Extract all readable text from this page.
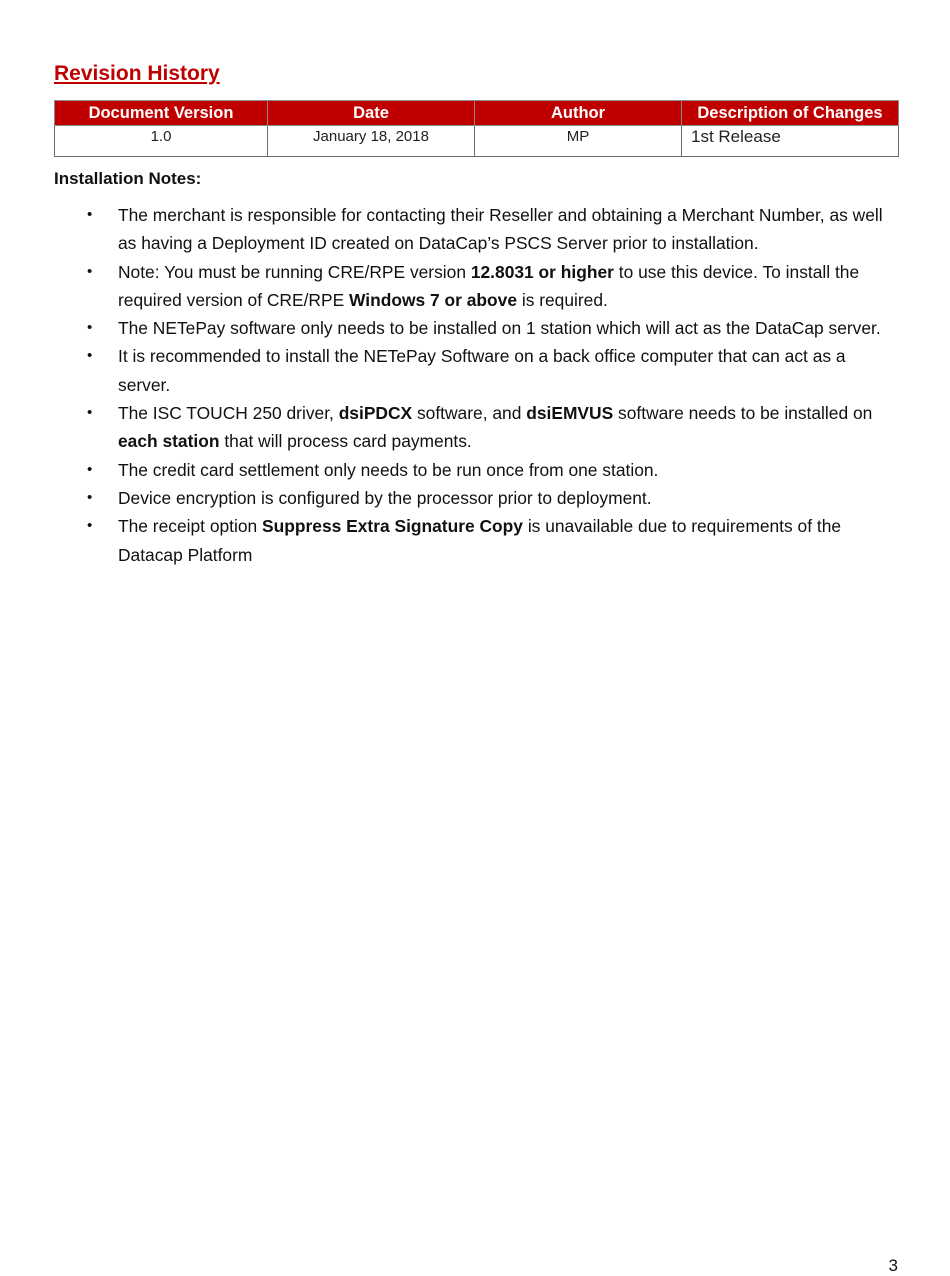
Revision History
Document Version	Date	Author	Description of Changes
1.0	January 18, 2018	MP	1st Release
Installation Notes:
• The merchant is responsible for contacting their Reseller and obtaining a Merchant Number, as well as having a Deployment ID created on DataCap’s PSCS Server prior to installation.
• Note: You must be running CRE/RPE version 12.8031 or higher to use this device. To install the required version of CRE/RPE Windows 7 or above is required.
• The NETePay software only needs to be installed on 1 station which will act as the DataCap server.
• It is recommended to install the NETePay Software on a back office computer that can act as a server.
• The ISC TOUCH 250 driver, dsiPDCX software, and dsiEMVUS software needs to be installed on each station that will process card payments.
• The credit card settlement only needs to be run once from one station.
• Device encryption is configured by the processor prior to deployment.
• The receipt option Suppress Extra Signature Copy is unavailable due to requirements of the Datacap Platform
3
